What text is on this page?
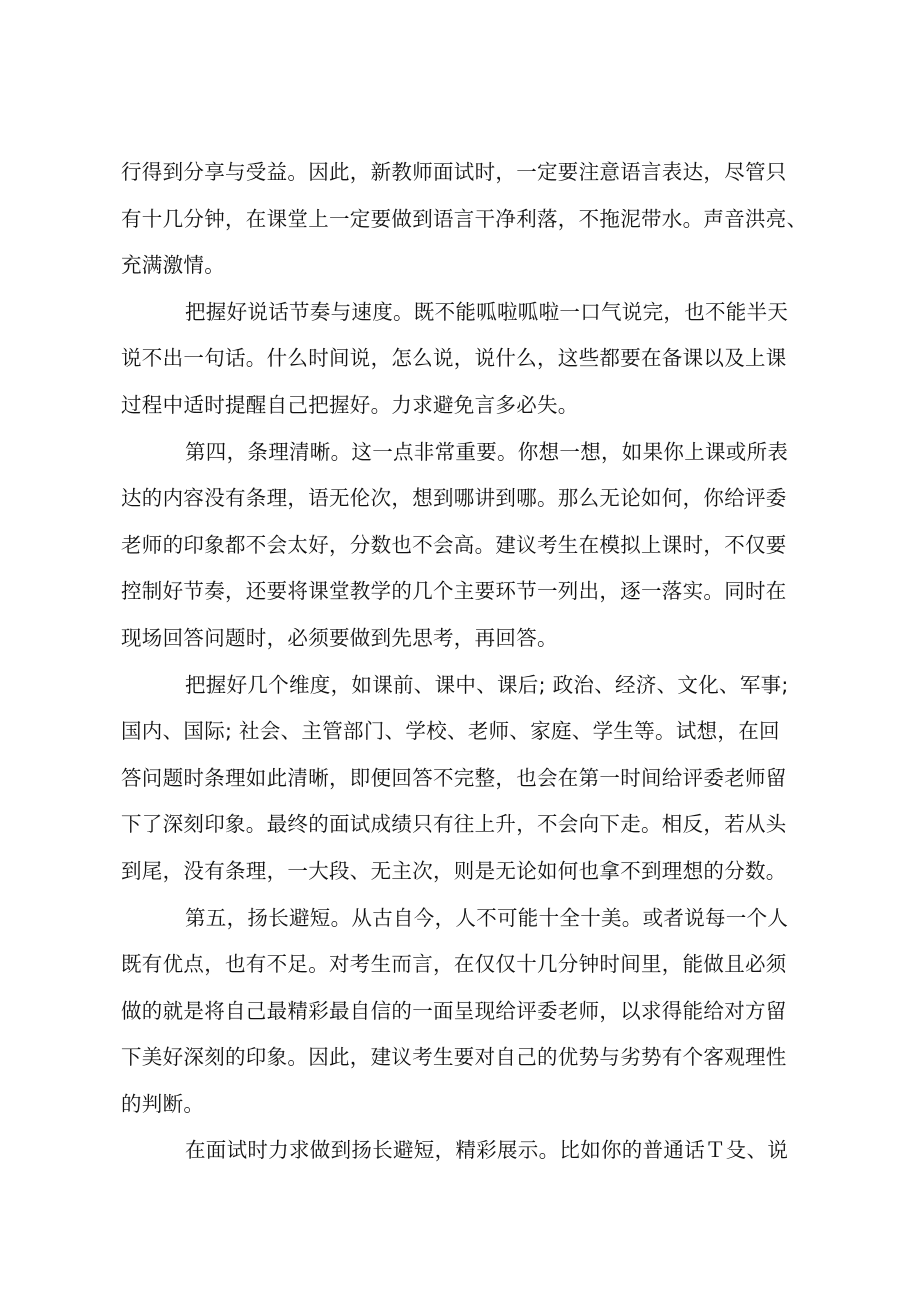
行得到分享与受益。因此，新教师面试时，一定要注意语言表达，尽管只
有十几分钟，在课堂上一定要做到语言干净利落，不拖泥带水。声音洪亮、
充满激情。
把握好说话节奏与速度。既不能呱啦呱啦一口气说完，也不能半天
说不出一句话。什么时间说，怎么说，说什么，这些都要在备课以及上课
过程中适时提醒自己把握好。力求避免言多必失。
第四，条理清晰。这一点非常重要。你想一想，如果你上课或所表
达的内容没有条理，语无伦次，想到哪讲到哪。那么无论如何，你给评委
老师的印象都不会太好，分数也不会高。建议考生在模拟上课时，不仅要
控制好节奏，还要将课堂教学的几个主要环节一列出，逐一落实。同时在
现场回答问题时，必须要做到先思考，再回答。
把握好几个维度，如课前、课中、课后; 政治、经济、文化、军事;
国内、国际; 社会、主管部门、学校、老师、家庭、学生等。试想，在回
答问题时条理如此清晰，即便回答不完整，也会在第一时间给评委老师留
下了深刻印象。最终的面试成绩只有往上升，不会向下走。相反，若从头
到尾，没有条理，一大段、无主次，则是无论如何也拿不到理想的分数。
第五，扬长避短。从古自今，人不可能十全十美。或者说每一个人
既有优点，也有不足。对考生而言，在仅仅十几分钟时间里，能做且必须
做的就是将自己最精彩最自信的一面呈现给评委老师，以求得能给对方留
下美好深刻的印象。因此，建议考生要对自己的优势与劣势有个客观理性
的判断。
在面试时力求做到扬长避短，精彩展示。比如你的普通话Ｔ殳、说
